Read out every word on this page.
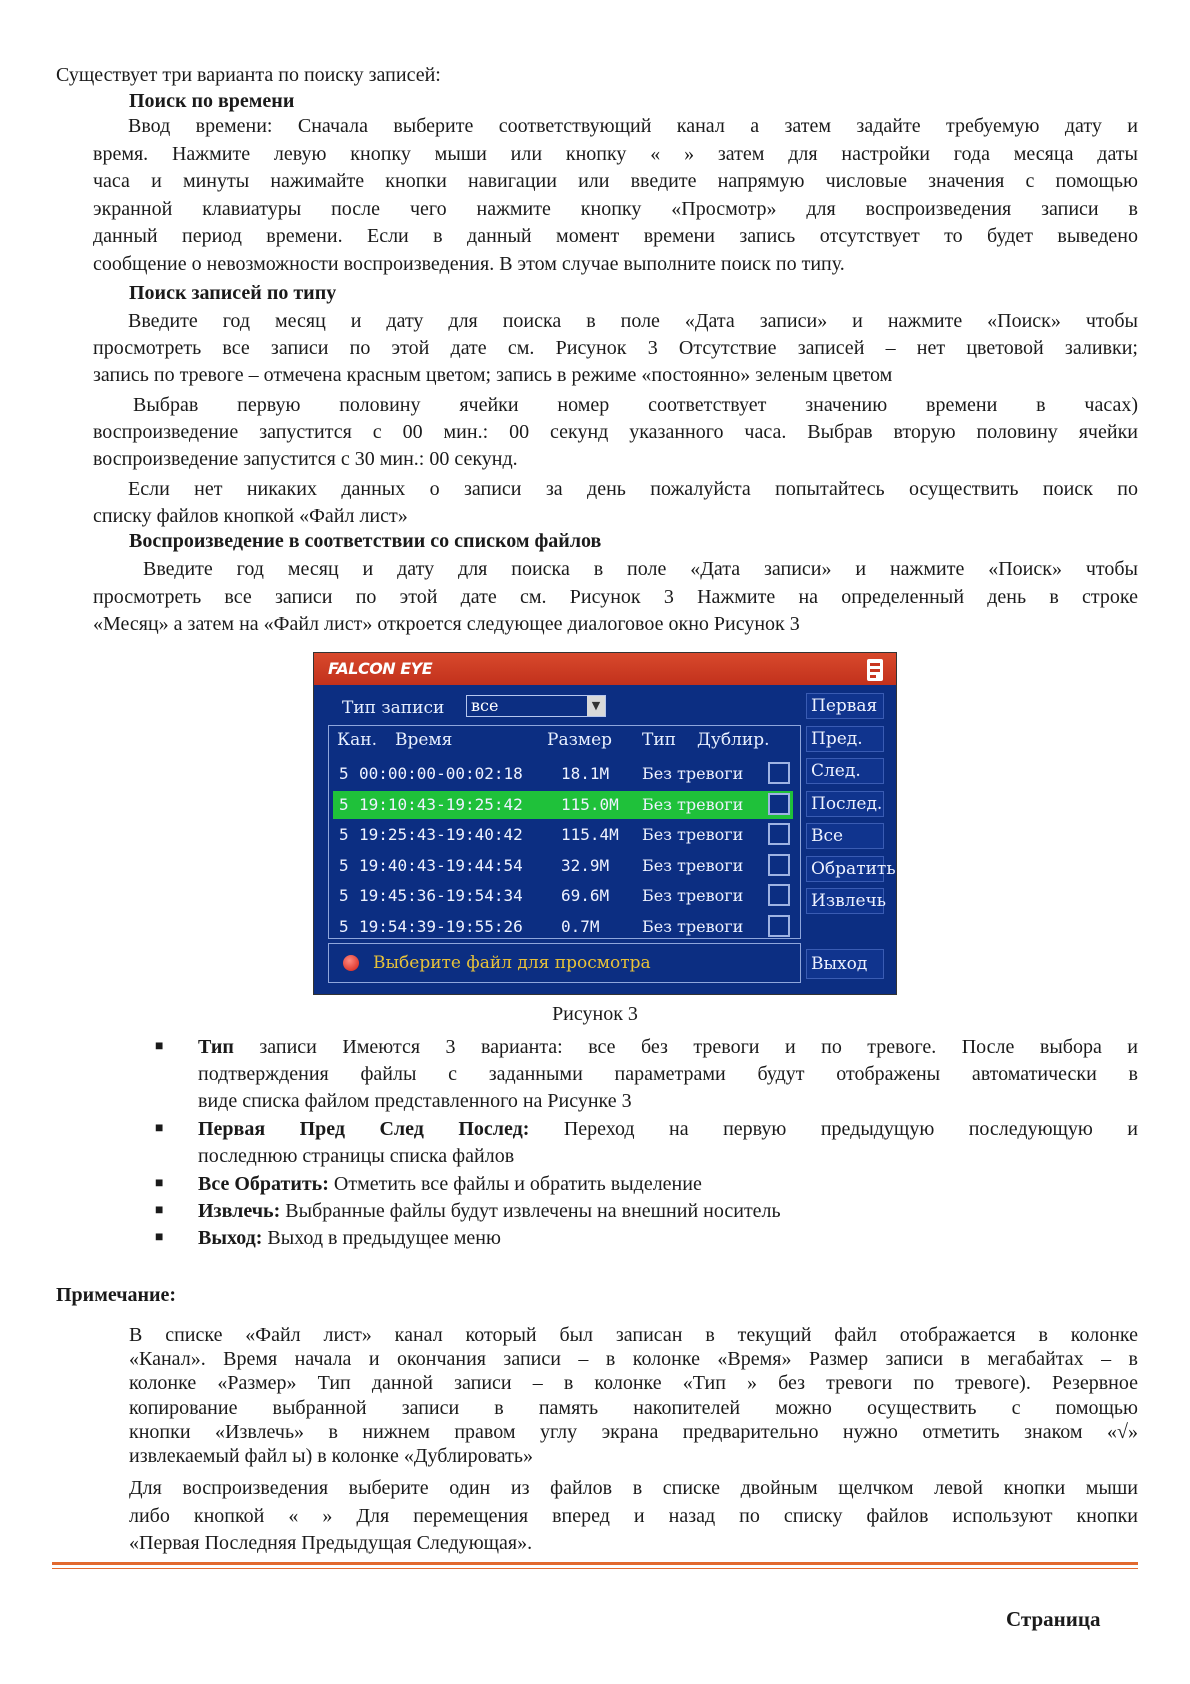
Существует три варианта по поиску записей:
Поиск по времени
Ввод времени: Сначала выберите соответствующий канал а затем задайте требуемую дату и
время. Нажмите левую кнопку мыши или кнопку « » затем для настройки года месяца даты
часа и минуты нажимайте кнопки навигации или введите напрямую числовые значения с помощью
экранной клавиатуры после чего нажмите кнопку «Просмотр» для воспроизведения записи в
данный период времени. Если в данный момент времени запись отсутствует то будет выведено
сообщение о невозможности воспроизведения. В этом случае выполните поиск по типу.
Поиск записей по типу
Введите год месяц и дату для поиска в поле «Дата записи» и нажмите «Поиск» чтобы
просмотреть все записи по этой дате см. Рисунок 3 Отсутствие записей – нет цветовой заливки;
запись по тревоге – отмечена красным цветом; запись в режиме «постоянно» зеленым цветом
Выбрав первую половину ячейки номер соответствует значению времени в часах)
воспроизведение запустится с 00 мин.: 00 секунд указанного часа. Выбрав вторую половину ячейки
воспроизведение запустится с 30 мин.: 00 секунд.
Если нет никаких данных о записи за день пожалуйста попытайтесь осуществить поиск по
списку файлов кнопкой «Файл лист»
Воспроизведение в соответствии со списком файлов
Введите год месяц и дату для поиска в поле «Дата записи» и нажмите «Поиск» чтобы
просмотреть все записи по этой дате см. Рисунок 3 Нажмите на определенный день в строке
«Месяц» а затем на «Файл лист» откроется следующее диалоговое окно Рисунок 3
FALCON EYE
Тип записи	все	▼
Кан. Время	Размер Тип Дублир.
5 00:00:00-00:02:18 18.1M Без тревоги
5 19:10:43-19:25:42 115.0M Без тревоги
5 19:25:43-19:40:42 115.4M Без тревоги
5 19:40:43-19:44:54 32.9M Без тревоги
5 19:45:36-19:54:34 69.6M Без тревоги
5 19:54:39-19:55:26 0.7M	Без тревоги
Первая
Пред.
След.
Послед.
Все
Обратить
Извлечь
Выберите файл для просмотра	Выход
Рисунок 3
■ Тип записи Имеются 3 варианта: все без тревоги и по тревоге. После выбора и
подтверждения файлы с заданными параметрами будут отображены автоматически в
виде списка файлом представленного на Рисунке 3
■ Первая Пред След Послед: Переход на первую предыдущую последующую и
последнюю страницы списка файлов
■ Все Обратить: Отметить все файлы и обратить выделение
■ Извлечь: Выбранные файлы будут извлечены на внешний носитель
■ Выход: Выход в предыдущее меню
Примечание:
В списке «Файл лист» канал который был записан в текущий файл отображается в колонке
«Канал». Время начала и окончания записи – в колонке «Время» Размер записи в мегабайтах – в
колонке «Размер» Тип данной записи – в колонке «Тип » без тревоги по тревоге). Резервное
копирование выбранной записи в память накопителей можно осуществить с помощью
кнопки «Извлечь» в нижнем правом углу экрана предварительно нужно отметить знаком «√»
извлекаемый файл ы) в колонке «Дублировать»
Для воспроизведения выберите один из файлов в списке двойным щелчком левой кнопки мыши
либо кнопкой « » Для перемещения вперед и назад по списку файлов используют кнопки
«Первая Последняя Предыдущая Следующая».
Страница
